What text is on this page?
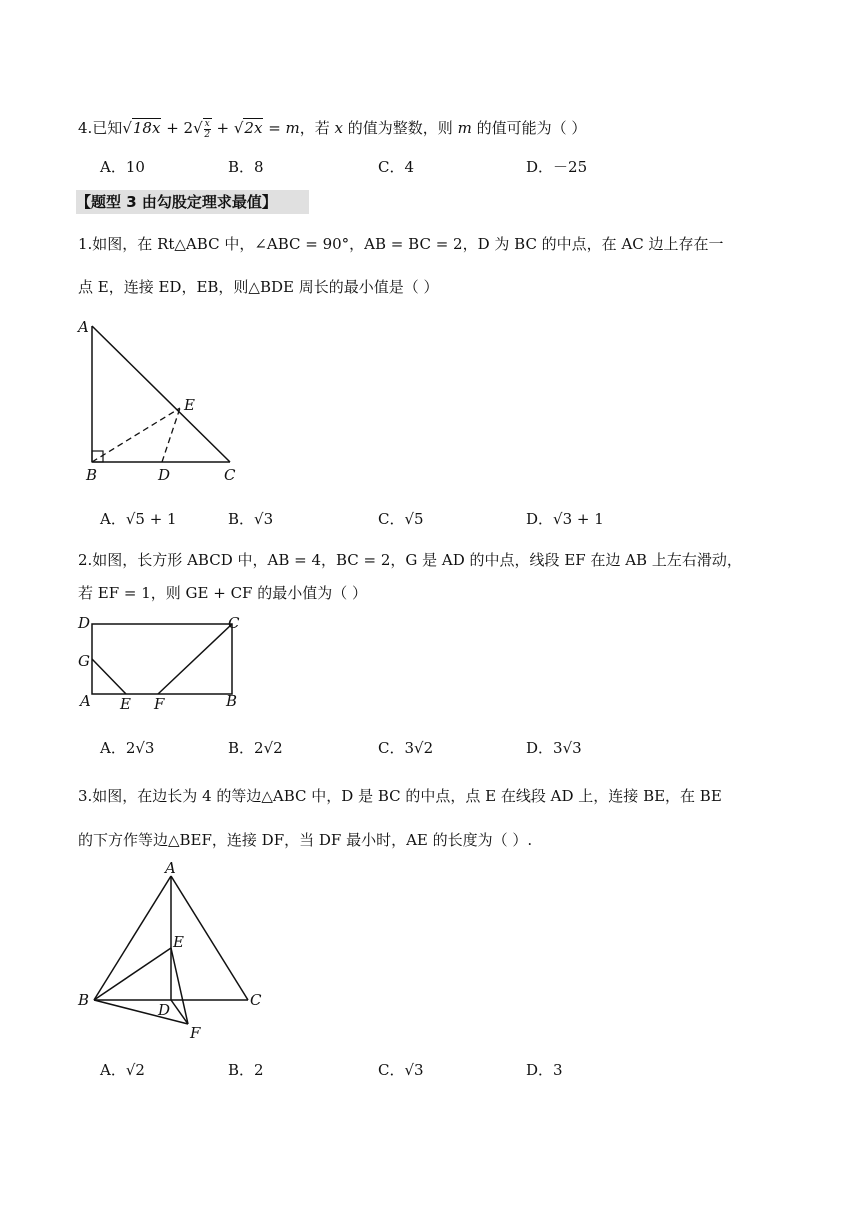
4.已知$√18x + 2√ \frac{x}{2} + √2x = m$，若 x 的值为整数，则 m 的值可能为（ ）
A．10	B．8	C．4	D．－25
【题型 3 由勾股定理求最值】
1.如图，在 Rt△ABC 中，∠ABC = 90°，AB = BC = 2，D 为 BC 的中点，在 AC 边上存在一
点 E，连接 ED，EB，则△BDE 周长的最小值是（ ）
A
E
B	D	C
A．√5 + 1	B．√3	C．√5	D．√3 + 1
2.如图，长方形 ABCD 中，AB = 4，BC = 2，G 是 AD 的中点，线段 EF 在边 AB 上左右滑动，
若 EF = 1，则 GE + CF 的最小值为（ ）
D	C
G
A E F	B
A．2√3	B．2√2	C．3√2	D．3√3
3.如图，在边长为 4 的等边△ABC 中，D 是 BC 的中点，点 E 在线段 AD 上，连接 BE，在 BE
的下方作等边△BEF，连接 DF，当 DF 最小时，AE 的长度为（ ）.
A
E
B	C
D
F
A．√2	B．2	C．√3	D．3
